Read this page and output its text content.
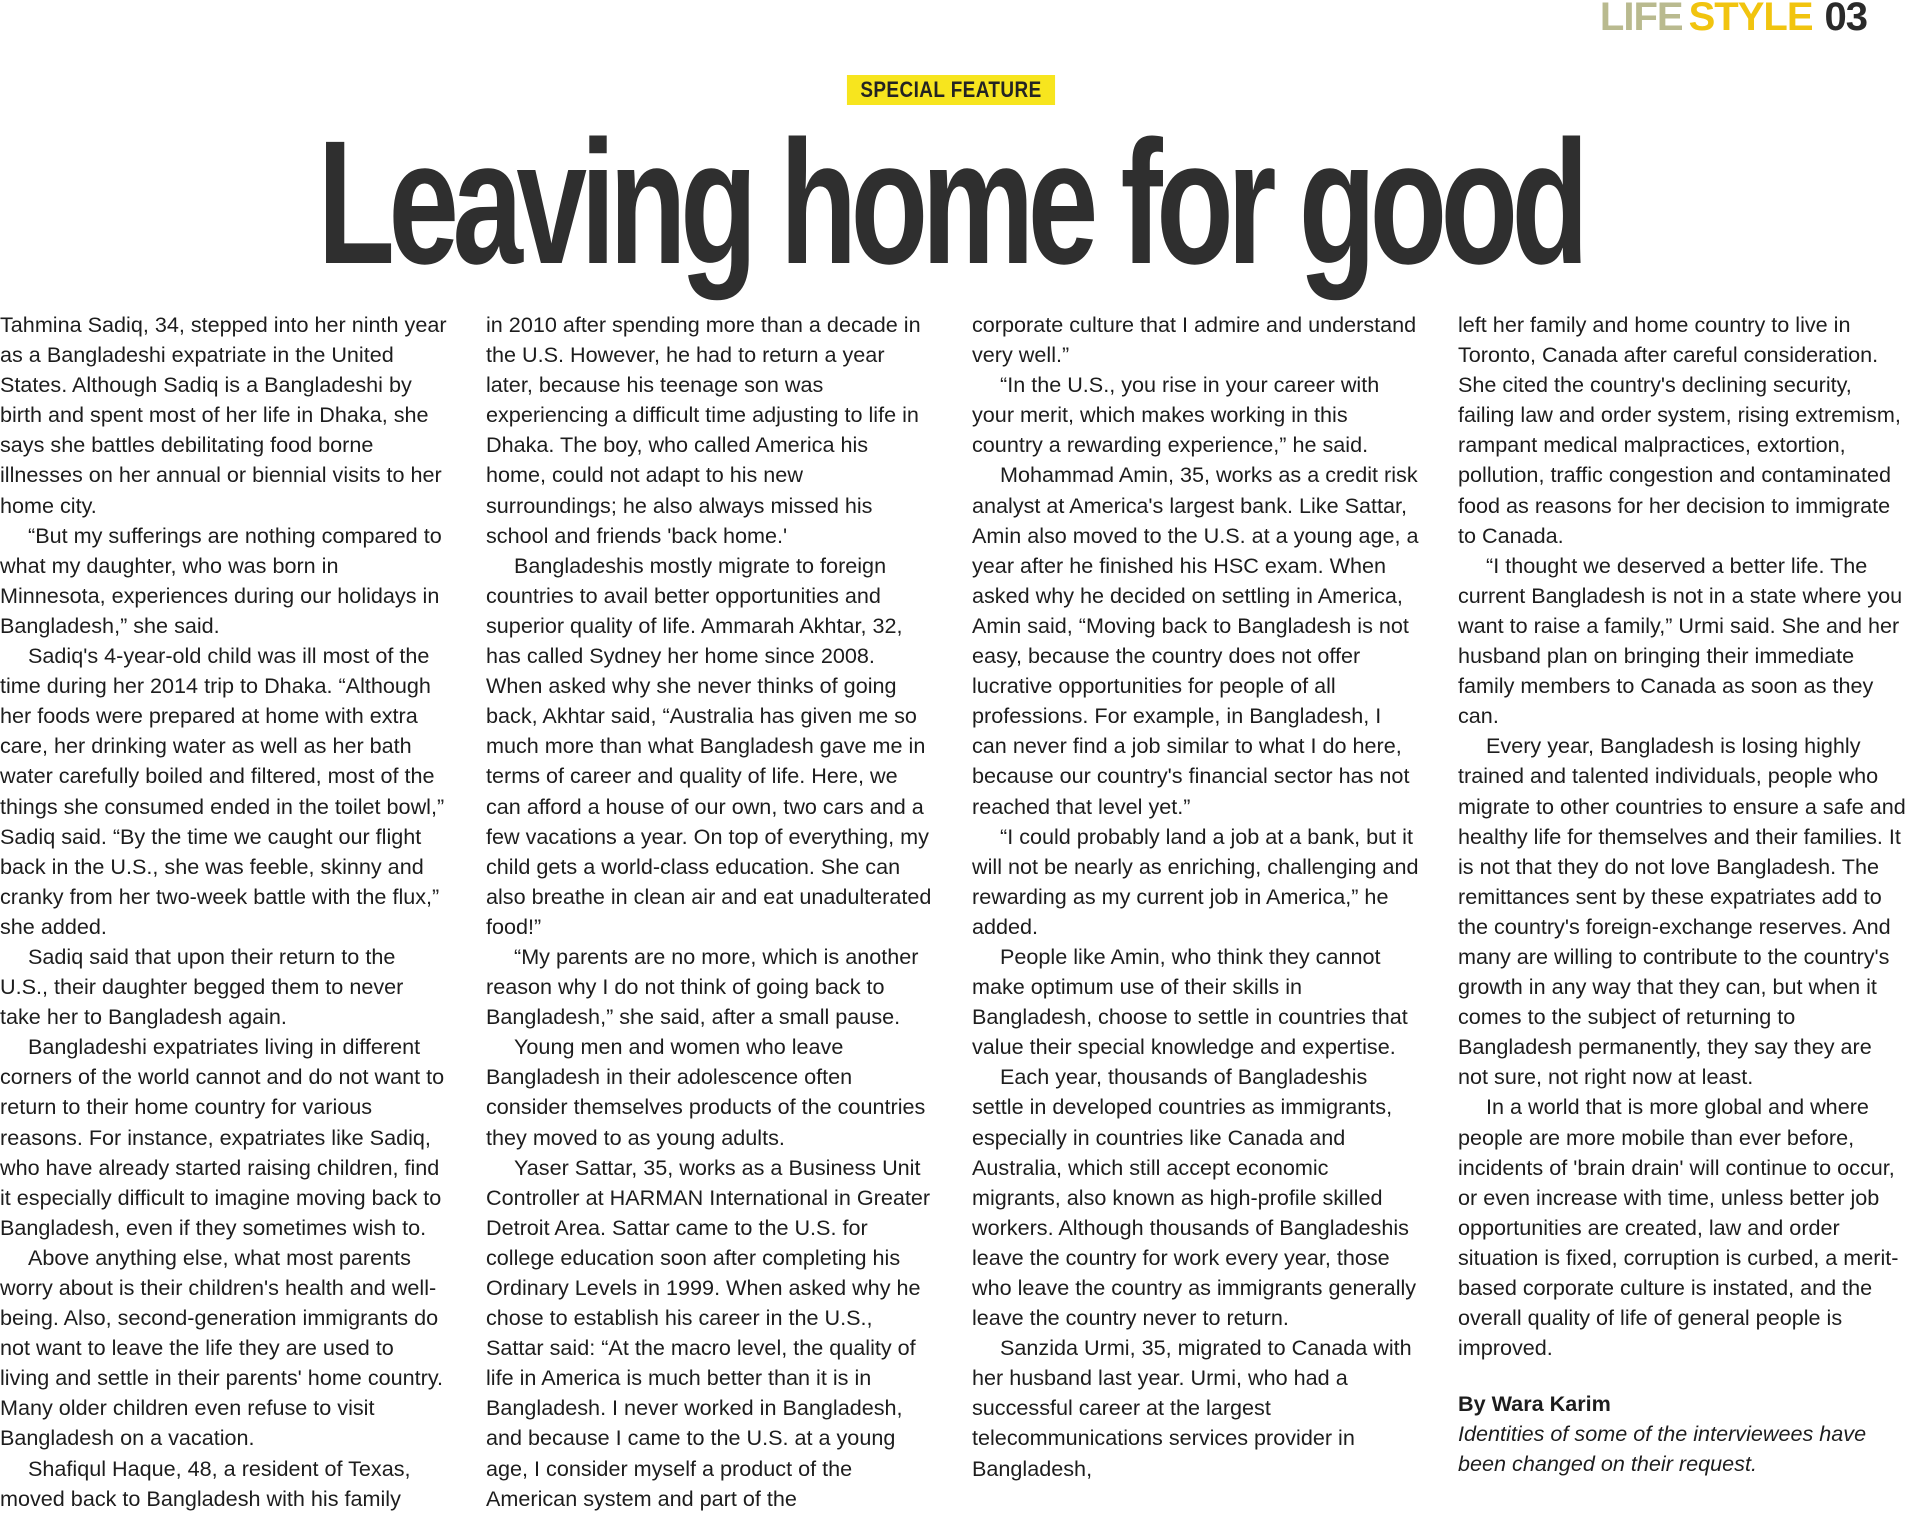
LIFE STYLE 03
SPECIAL FEATURE
Leaving home for good

Tahmina Sadiq, 34, stepped into her ninth year as a Bangladeshi expatriate in the United States. Although Sadiq is a Bangladeshi by birth and spent most of her life in Dhaka, she says she battles debilitating food borne illnesses on her annual or biennial visits to her home city.

“But my sufferings are nothing compared to what my daughter, who was born in Minnesota, experiences during our holidays in Bangladesh,” she said.

Sadiq's 4-year-old child was ill most of the time during her 2014 trip to Dhaka. “Although her foods were prepared at home with extra care, her drinking water as well as her bath water carefully boiled and filtered, most of the things she consumed ended in the toilet bowl,” Sadiq said. “By the time we caught our flight back in the U.S., she was feeble, skinny and cranky from her two-week battle with the flux,” she added.

Sadiq said that upon their return to the U.S., their daughter begged them to never take her to Bangladesh again.

Bangladeshi expatriates living in different corners of the world cannot and do not want to return to their home country for various reasons. For instance, expatriates like Sadiq, who have already started raising children, find it especially difficult to imagine moving back to Bangladesh, even if they sometimes wish to.

Above anything else, what most parents worry about is their children's health and well-being. Also, second-generation immigrants do not want to leave the life they are used to living and settle in their parents' home country. Many older children even refuse to visit Bangladesh on a vacation.

Shafiqul Haque, 48, a resident of Texas, moved back to Bangladesh with his family

in 2010 after spending more than a decade in the U.S. However, he had to return a year later, because his teenage son was experiencing a difficult time adjusting to life in Dhaka. The boy, who called America his home, could not adapt to his new surroundings; he also always missed his school and friends 'back home.'

Bangladeshis mostly migrate to foreign countries to avail better opportunities and superior quality of life. Ammarah Akhtar, 32, has called Sydney her home since 2008. When asked why she never thinks of going back, Akhtar said, “Australia has given me so much more than what Bangladesh gave me in terms of career and quality of life. Here, we can afford a house of our own, two cars and a few vacations a year. On top of everything, my child gets a world-class education. She can also breathe in clean air and eat unadulterated food!”

“My parents are no more, which is another reason why I do not think of going back to Bangladesh,” she said, after a small pause.

Young men and women who leave Bangladesh in their adolescence often consider themselves products of the countries they moved to as young adults.

Yaser Sattar, 35, works as a Business Unit Controller at HARMAN International in Greater Detroit Area. Sattar came to the U.S. for college education soon after completing his Ordinary Levels in 1999. When asked why he chose to establish his career in the U.S., Sattar said: “At the macro level, the quality of life in America is much better than it is in Bangladesh. I never worked in Bangladesh, and because I came to the U.S. at a young age, I consider myself a product of the American system and part of the

corporate culture that I admire and understand very well.”

“In the U.S., you rise in your career with your merit, which makes working in this country a rewarding experience,” he said.

Mohammad Amin, 35, works as a credit risk analyst at America's largest bank. Like Sattar, Amin also moved to the U.S. at a young age, a year after he finished his HSC exam. When asked why he decided on settling in America, Amin said, “Moving back to Bangladesh is not easy, because the country does not offer lucrative opportunities for people of all professions. For example, in Bangladesh, I can never find a job similar to what I do here, because our country's financial sector has not reached that level yet.”

“I could probably land a job at a bank, but it will not be nearly as enriching, challenging and rewarding as my current job in America,” he added.

People like Amin, who think they cannot make optimum use of their skills in Bangladesh, choose to settle in countries that value their special knowledge and expertise.

Each year, thousands of Bangladeshis settle in developed countries as immigrants, especially in countries like Canada and Australia, which still accept economic migrants, also known as high-profile skilled workers. Although thousands of Bangladeshis leave the country for work every year, those who leave the country as immigrants generally leave the country never to return.

Sanzida Urmi, 35, migrated to Canada with her husband last year. Urmi, who had a successful career at the largest telecommunications services provider in Bangladesh,

left her family and home country to live in Toronto, Canada after careful consideration. She cited the country's declining security, failing law and order system, rising extremism, rampant medical malpractices, extortion, pollution, traffic congestion and contaminated food as reasons for her decision to immigrate to Canada.

“I thought we deserved a better life. The current Bangladesh is not in a state where you want to raise a family,” Urmi said. She and her husband plan on bringing their immediate family members to Canada as soon as they can.

Every year, Bangladesh is losing highly trained and talented individuals, people who migrate to other countries to ensure a safe and healthy life for themselves and their families. It is not that they do not love Bangladesh. The remittances sent by these expatriates add to the country's foreign-exchange reserves. And many are willing to contribute to the country's growth in any way that they can, but when it comes to the subject of returning to Bangladesh permanently, they say they are not sure, not right now at least.

In a world that is more global and where people are more mobile than ever before, incidents of 'brain drain' will continue to occur, or even increase with time, unless better job opportunities are created, law and order situation is fixed, corruption is curbed, a merit-based corporate culture is instated, and the overall quality of life of general people is improved.

By Wara Karim
Identities of some of the interviewees have been changed on their request.
